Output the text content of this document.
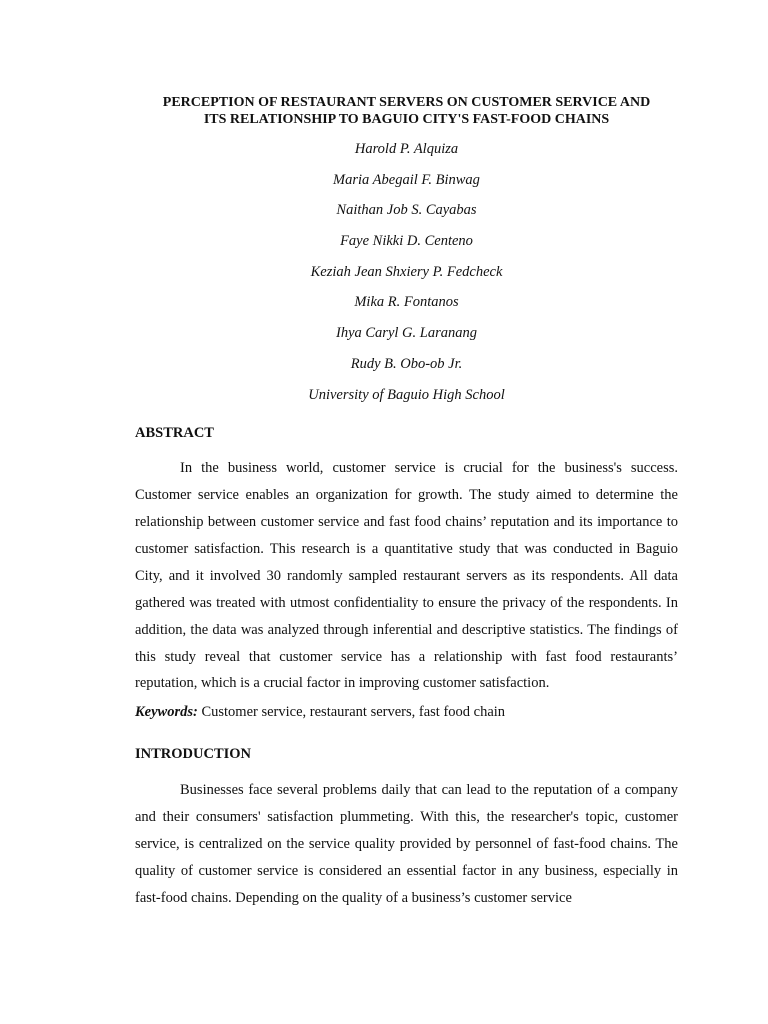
PERCEPTION OF RESTAURANT SERVERS ON CUSTOMER SERVICE AND
ITS RELATIONSHIP TO BAGUIO CITY'S FAST-FOOD CHAINS

Harold P. Alquiza

Maria Abegail F. Binwag

Naithan Job S. Cayabas

Faye Nikki D. Centeno

Keziah Jean Shxiery P. Fedcheck

Mika R. Fontanos

Ihya Caryl G. Laranang

Rudy B. Obo-ob Jr.

University of Baguio High School

ABSTRACT

In the business world, customer service is crucial for the business's success. Customer service enables an organization for growth. The study aimed to determine the relationship between customer service and fast food chains’ reputation and its importance to customer satisfaction. This research is a quantitative study that was conducted in Baguio City, and it involved 30 randomly sampled restaurant servers as its respondents. All data gathered was treated with utmost confidentiality to ensure the privacy of the respondents. In addition, the data was analyzed through inferential and descriptive statistics. The findings of this study reveal that customer service has a relationship with fast food restaurants’ reputation, which is a crucial factor in improving customer satisfaction.

Keywords: Customer service, restaurant servers, fast food chain

INTRODUCTION

Businesses face several problems daily that can lead to the reputation of a company and their consumers' satisfaction plummeting. With this, the researcher's topic, customer service, is centralized on the service quality provided by personnel of fast-food chains. The quality of customer service is considered an essential factor in any business, especially in fast-food chains. Depending on the quality of a business’s customer service
